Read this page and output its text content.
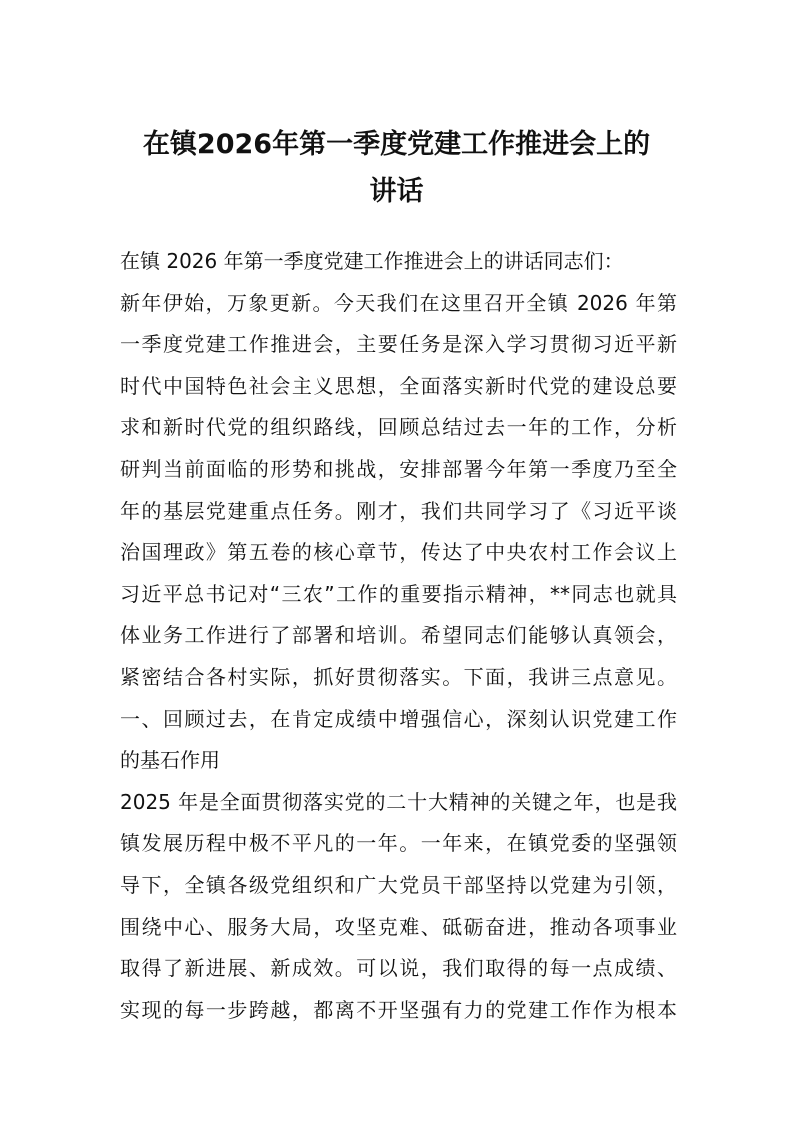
在镇2026年第一季度党建工作推进会上的
讲话
在镇 2026 年第一季度党建工作推进会上的讲话同志们：
新年伊始，万象更新。今天我们在这里召开全镇 2026 年第
一季度党建工作推进会，主要任务是深入学习贯彻习近平新
时代中国特色社会主义思想，全面落实新时代党的建设总要
求和新时代党的组织路线，回顾总结过去一年的工作，分析
研判当前面临的形势和挑战，安排部署今年第一季度乃至全
年的基层党建重点任务。刚才，我们共同学习了《习近平谈
治国理政》第五卷的核心章节，传达了中央农村工作会议上
习近平总书记对“三农”工作的重要指示精神，**同志也就具
体业务工作进行了部署和培训。希望同志们能够认真领会，
紧密结合各村实际，抓好贯彻落实。下面，我讲三点意见。
一、回顾过去，在肯定成绩中增强信心，深刻认识党建工作
的基石作用
2025 年是全面贯彻落实党的二十大精神的关键之年，也是我
镇发展历程中极不平凡的一年。一年来，在镇党委的坚强领
导下，全镇各级党组织和广大党员干部坚持以党建为引领，
围绕中心、服务大局，攻坚克难、砥砺奋进，推动各项事业
取得了新进展、新成效。可以说，我们取得的每一点成绩、
实现的每一步跨越，都离不开坚强有力的党建工作作为根本
